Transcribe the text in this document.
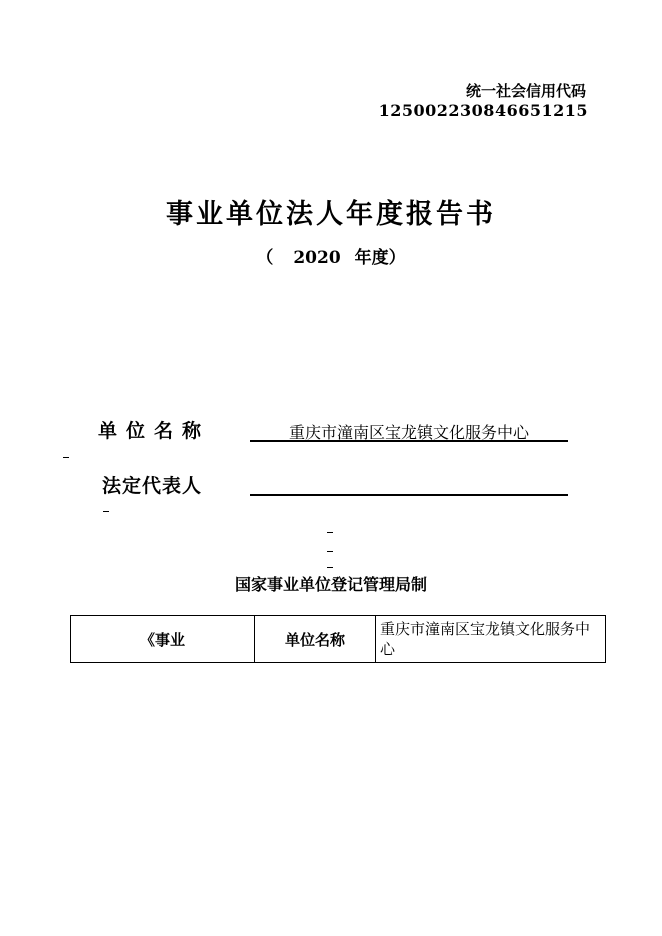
统一社会信用代码
125002230846651215
事业单位法人年度报告书
（ 2020 年度）
单位名称	重庆市潼南区宝龙镇文化服务中心
法定代表人
国家事业单位登记管理局制
《事业	单位名称	重庆市潼南区宝龙镇文化服务中心
